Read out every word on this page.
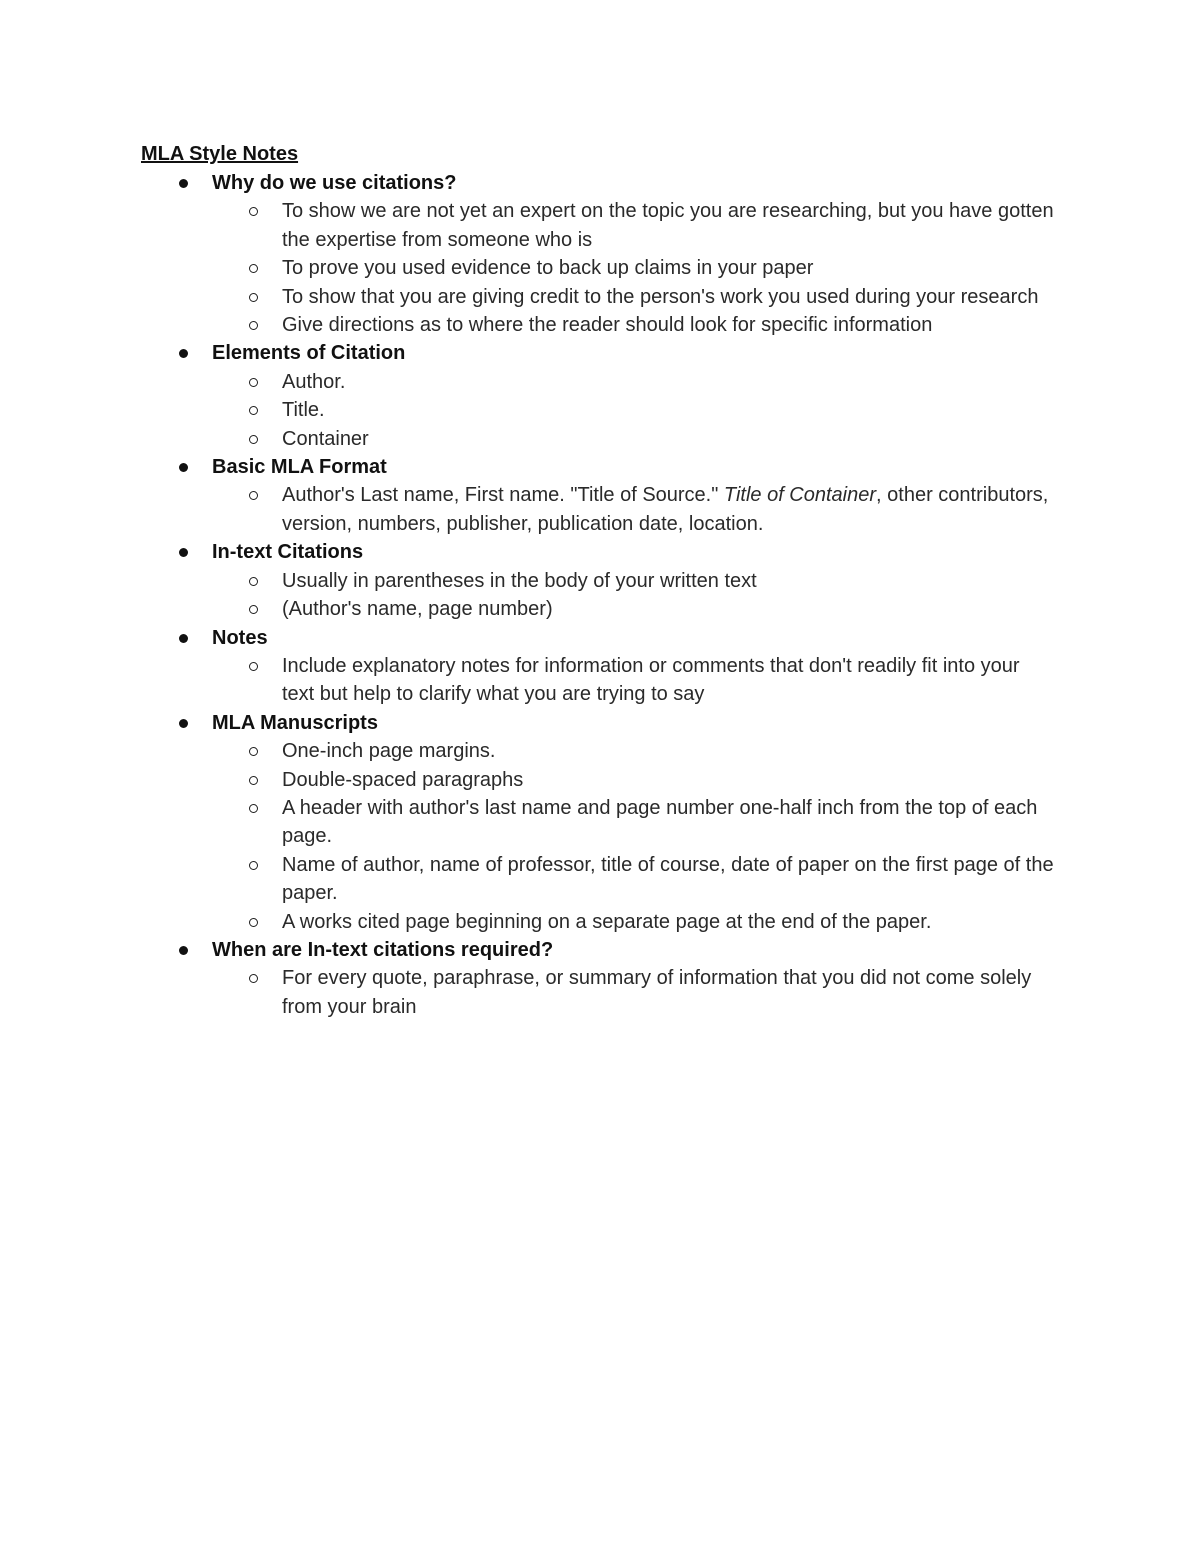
MLA Style Notes
Why do we use citations?
To show we are not yet an expert on the topic you are researching, but you have gotten the expertise from someone who is
To prove you used evidence to back up claims in your paper
To show that you are giving credit to the person's work you used during your research
Give directions as to where the reader should look for specific information
Elements of Citation
Author.
Title.
Container
Basic MLA Format
Author's Last name, First name. "Title of Source." Title of Container, other contributors, version, numbers, publisher, publication date, location.
In-text Citations
Usually in parentheses in the body of your written text
(Author's name, page number)
Notes
Include explanatory notes for information or comments that don't readily fit into your text but help to clarify what you are trying to say
MLA Manuscripts
One-inch page margins.
Double-spaced paragraphs
A header with author's last name and page number one-half inch from the top of each page.
Name of author, name of professor, title of course, date of paper on the first page of the paper.
A works cited page beginning on a separate page at the end of the paper.
When are In-text citations required?
For every quote, paraphrase, or summary of information that you did not come solely from your brain
